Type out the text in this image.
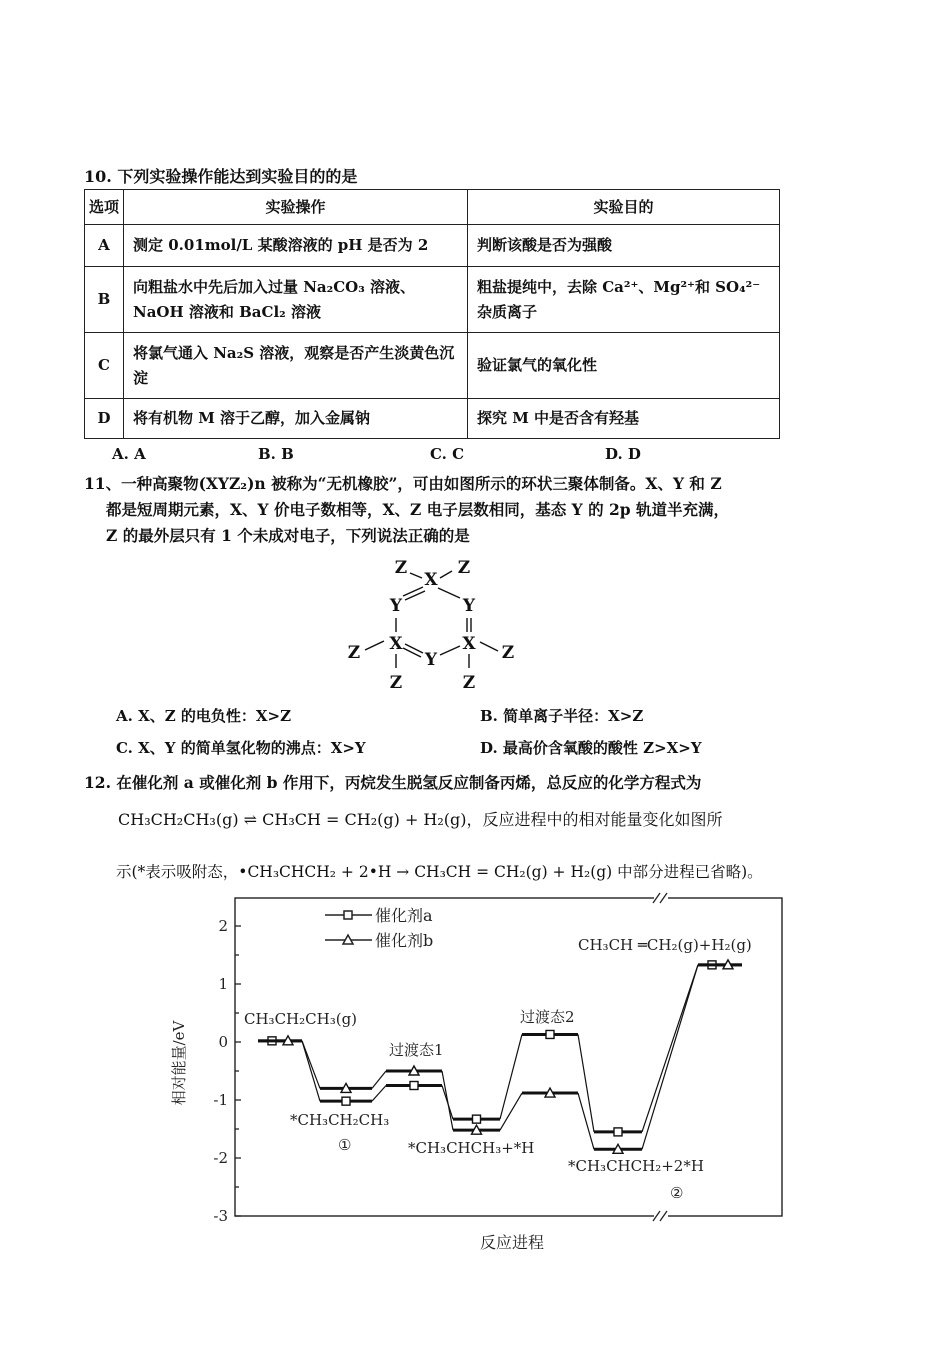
10. 下列实验操作能达到实验目的的是
选项	实验操作	实验目的
A	测定 0.01mol/L 某酸溶液的 pH 是否为 2	判断该酸是否为强酸
B	向粗盐水中先后加入过量 Na₂CO₃ 溶液、NaOH 溶液和 BaCl₂ 溶液	粗盐提纯中，去除 Ca²⁺、Mg²⁺和 SO₄²⁻ 杂质离子
C	将氯气通入 Na₂S 溶液，观察是否产生淡黄色沉淀	验证氯气的氧化性
D	将有机物 M 溶于乙醇，加入金属钠	探究 M 中是否含有羟基
A. A	B. B	C. C	D. D
11、一种高聚物(XYZ₂)n 被称为“无机橡胶”，可由如图所示的环状三聚体制备。X、Y 和 Z
都是短周期元素，X、Y 价电子数相等，X、Z 电子层数相同，基态 Y 的 2p 轨道半充满，
Z 的最外层只有 1 个未成对电子，下列说法正确的是
Z
X
Z
Y	Y
X	X
Z	Y	Z
Z	Z
A. X、Z 的电负性：X>Z	B. 简单离子半径：X>Z
C. X、Y 的简单氢化物的沸点：X>Y	D. 最高价含氧酸的酸性 Z>X>Y
12. 在催化剂 a 或催化剂 b 作用下，丙烷发生脱氢反应制备丙烯，总反应的化学方程式为
CH₃CH₂CH₃(g) ⇌ CH₃CH = CH₂(g) + H₂(g)，反应进程中的相对能量变化如图所
示(*表示吸附态，•CH₃CHCH₂ + 2•H → CH₃CH = CH₂(g) + H₂(g) 中部分进程已省略)。
2
1
0
-1
-2
-3
相对能量/eV
反应进程
催化剂a
催化剂b
CH₃CH₂CH₃(g)
*CH₃CH₂CH₃
①
过渡态1
*CH₃CHCH₃+*H
过渡态2
*CH₃CHCH₂+2*H
②
CH₃CH ═CH₂(g)+H₂(g)
